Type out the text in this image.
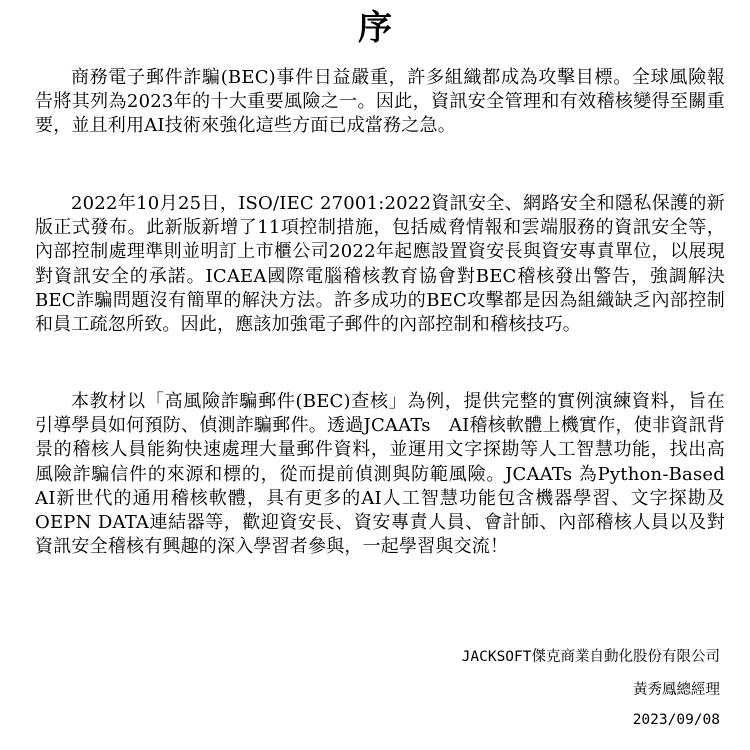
序

商務電子郵件詐騙(BEC)事件日益嚴重，許多組織都成為攻擊目標。全球風險報告將其列為2023年的十大重要風險之一。因此，資訊安全管理和有效稽核變得至關重要，並且利用AI技術來強化這些方面已成當務之急。

2022年10月25日，ISO/IEC 27001:2022資訊安全、網路安全和隱私保護的新版正式發布。此新版新增了11項控制措施，包括威脅情報和雲端服務的資訊安全等，內部控制處理準則並明訂上市櫃公司2022年起應設置資安長與資安專責單位，以展現對資訊安全的承諾。ICAEA國際電腦稽核教育協會對BEC稽核發出警告，強調解決BEC詐騙問題沒有簡單的解決方法。許多成功的BEC攻擊都是因為組織缺乏內部控制和員工疏忽所致。因此，應該加強電子郵件的內部控制和稽核技巧。

本教材以「高風險詐騙郵件(BEC)查核」為例，提供完整的實例演練資料，旨在引導學員如何預防、偵測詐騙郵件。透過JCAATs　AI稽核軟體上機實作，使非資訊背景的稽核人員能夠快速處理大量郵件資料，並運用文字探勘等人工智慧功能，找出高風險詐騙信件的來源和標的，從而提前偵測與防範風險。JCAATs 為Python-Based AI新世代的通用稽核軟體，具有更多的AI人工智慧功能包含機器學習、文字探勘及OEPN DATA連結器等，歡迎資安長、資安專責人員、會計師、內部稽核人員以及對資訊安全稽核有興趣的深入學習者參與，一起學習與交流！

JACKSOFT傑克商業自動化股份有限公司
黃秀鳳總經理
2023/09/08
